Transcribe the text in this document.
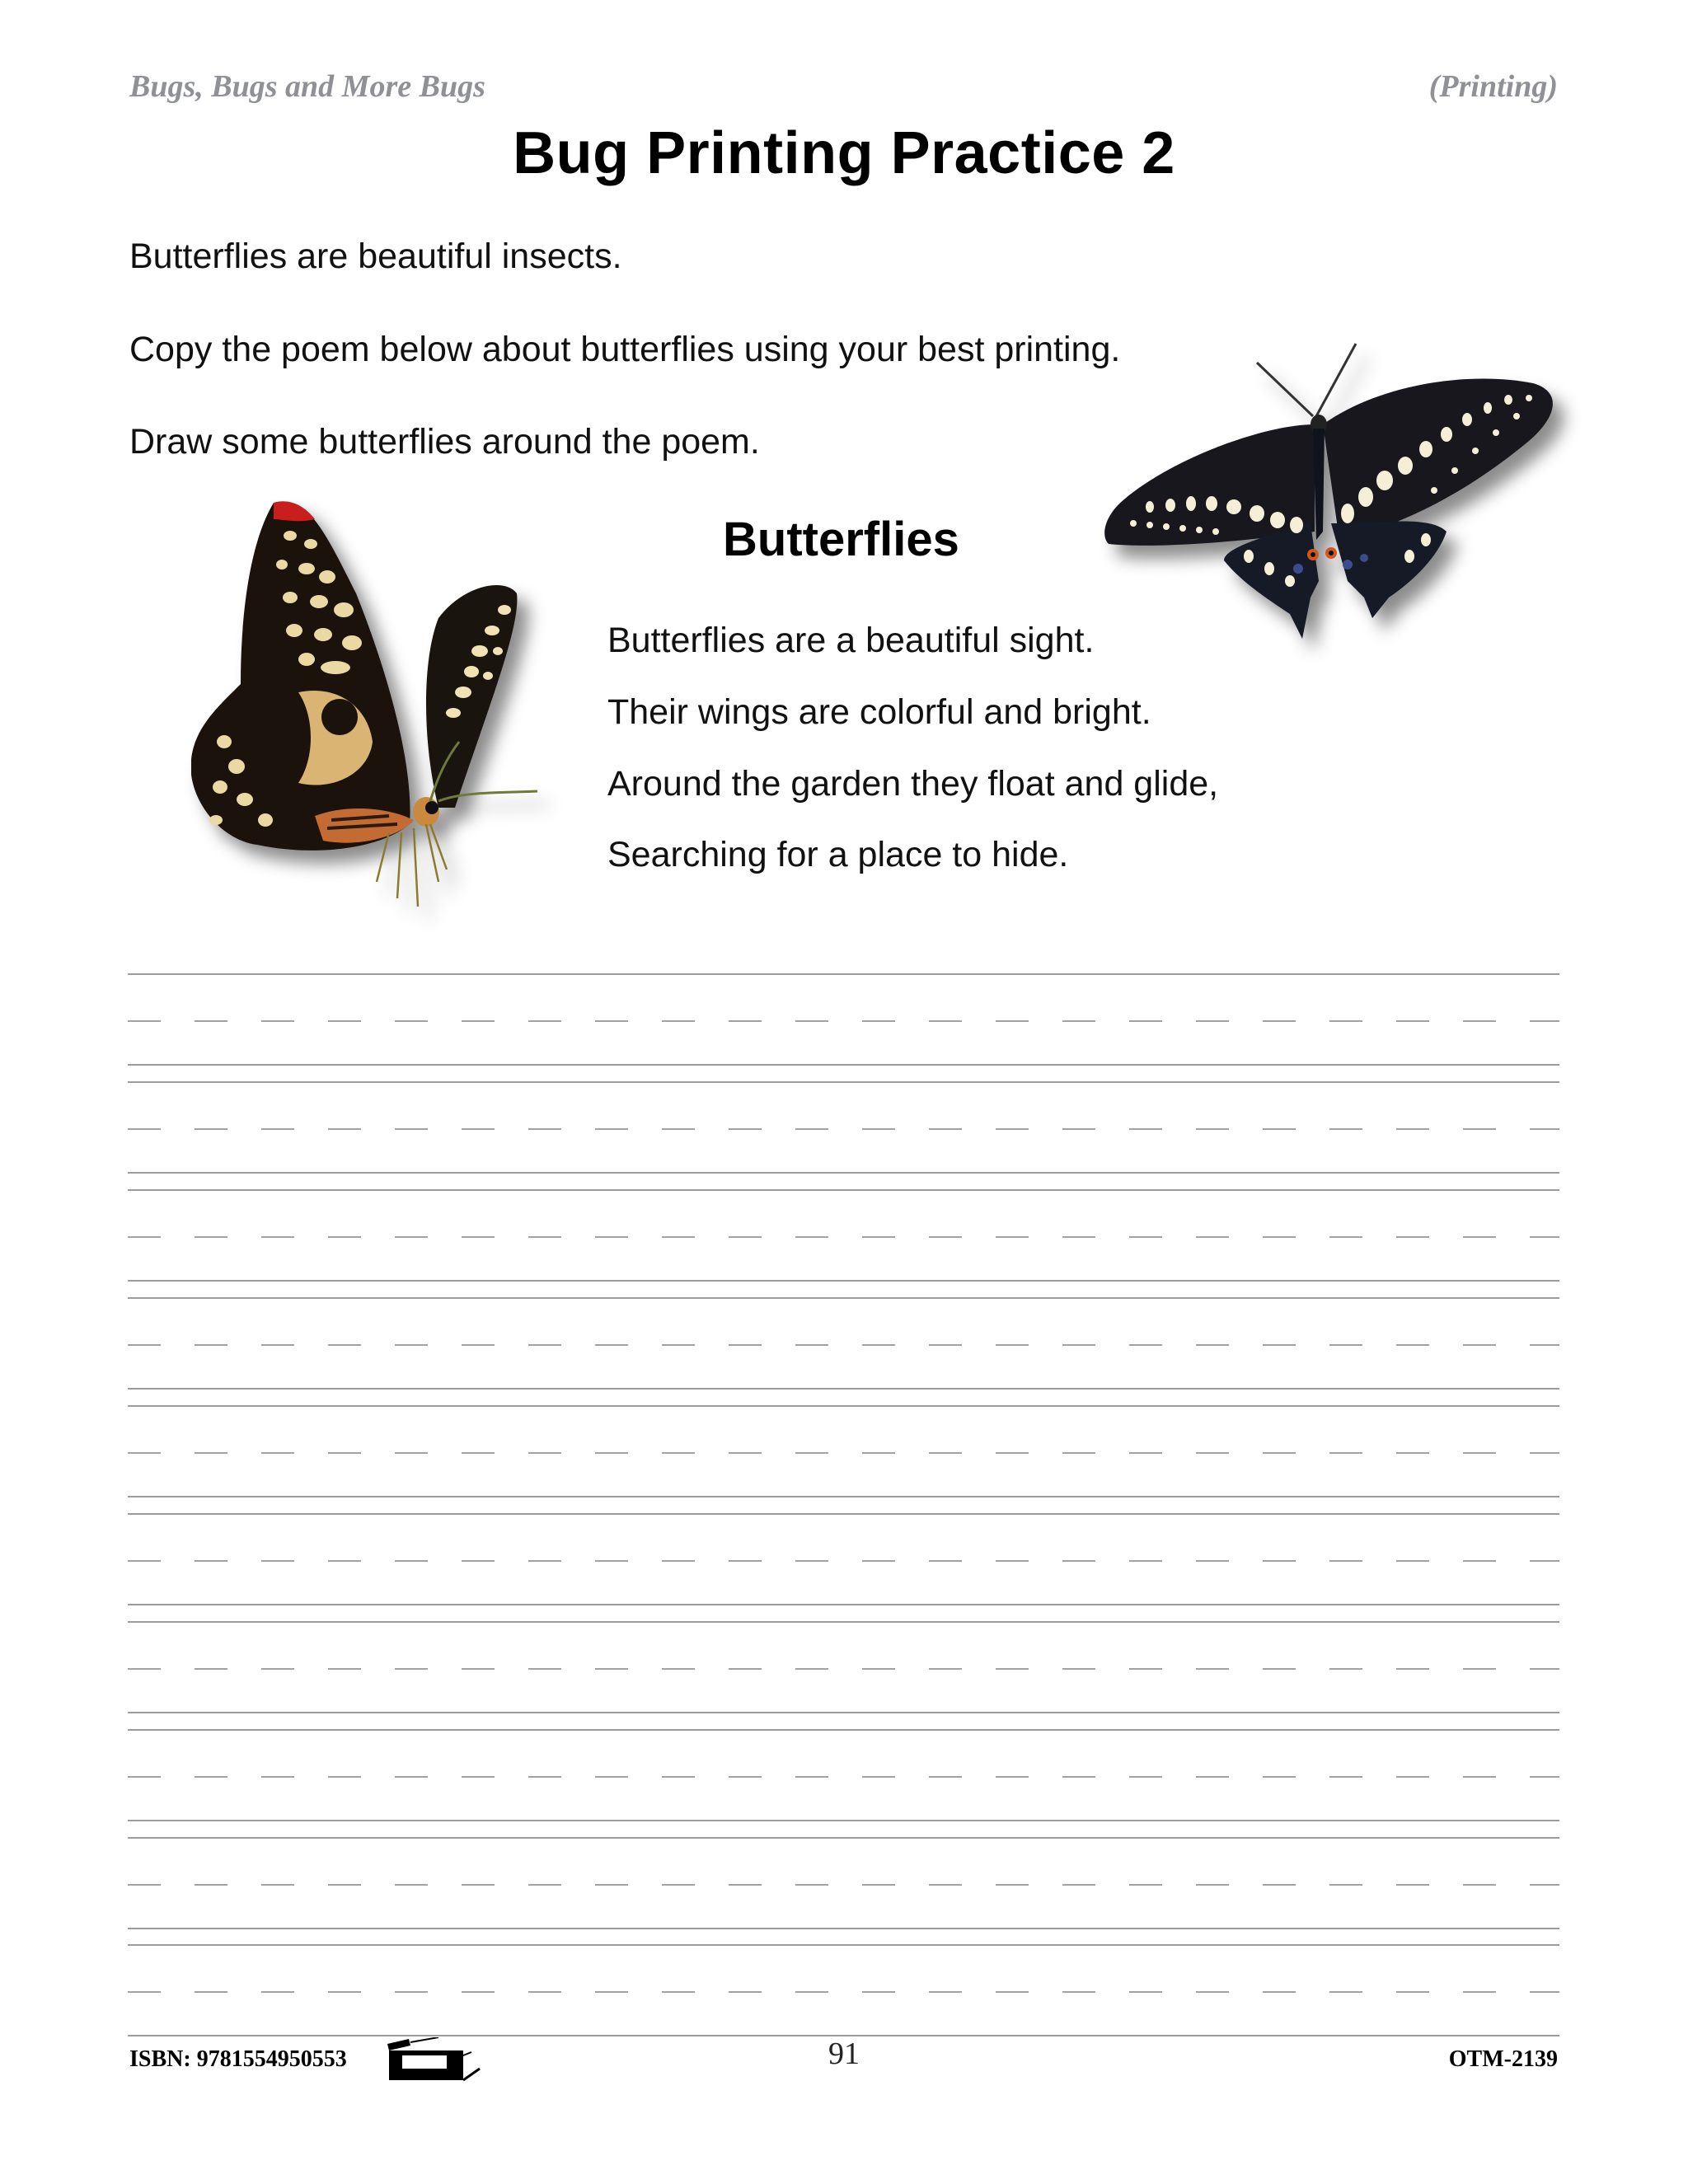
Bugs, Bugs and More Bugs	(Printing)
Bug Printing Practice 2
Butterflies are beautiful insects.
Copy the poem below about butterflies using your best printing.
Draw some butterflies around the poem.
Butterflies
Butterflies are a beautiful sight.
Their wings are colorful and bright.
Around the garden they float and glide,
Searching for a place to hide.
ISBN: 9781554950553	91	OTM-2139
